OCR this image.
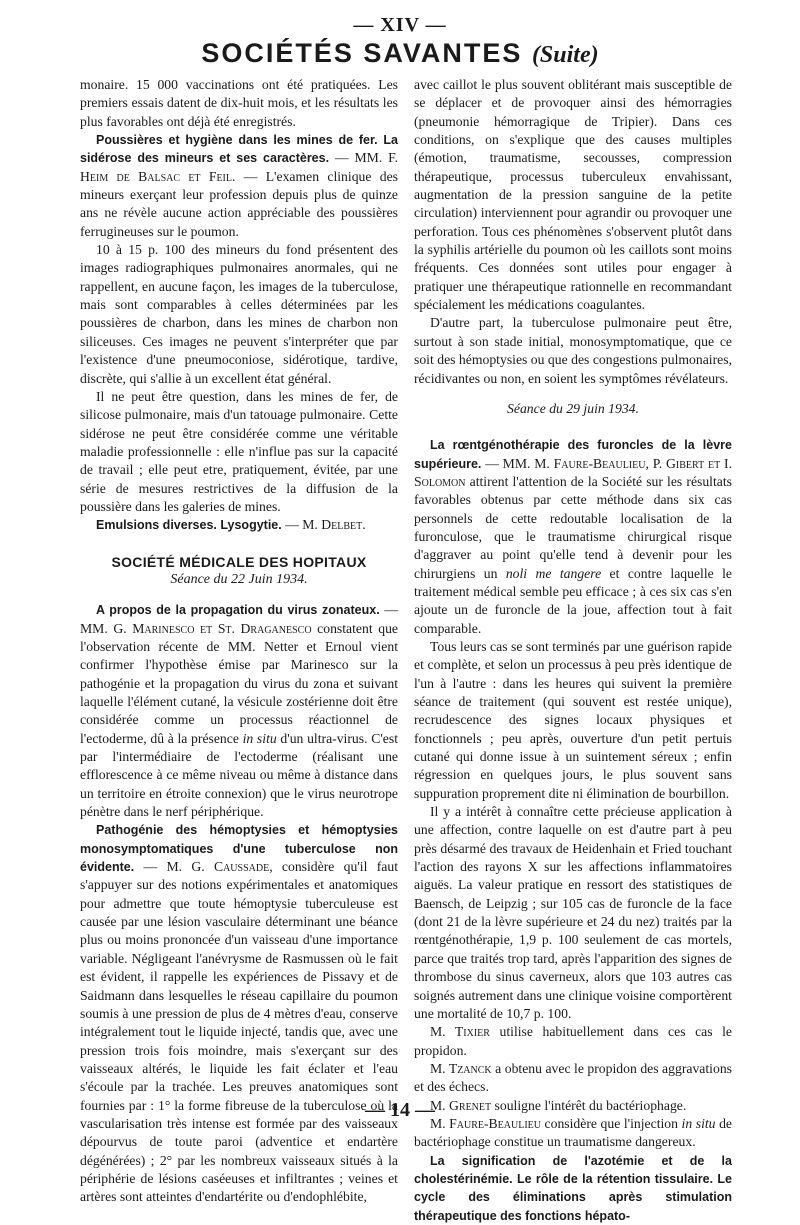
— XIV —
SOCIÉTÉS SAVANTES (Suite)

monaire. 15 000 vaccinations ont été pratiquées. Les premiers essais datent de dix-huit mois, et les résultats les plus favorables ont déjà été enregistrés.

Poussières et hygiène dans les mines de fer. La sidérose des mineurs et ses caractères. — MM. F. Heim de Balsac et Feil. — L'examen clinique des mineurs exerçant leur profession depuis plus de quinze ans ne révèle aucune action appréciable des poussières ferrugineuses sur le poumon.

10 à 15 p. 100 des mineurs du fond présentent des images radiographiques pulmonaires anormales, qui ne rappellent, en aucune façon, les images de la tuberculose, mais sont comparables à celles déterminées par les poussières de charbon, dans les mines de charbon non siliceuses. Ces images ne peuvent s'interpréter que par l'existence d'une pneumoconiose, sidérotique, tardive, discrète, qui s'allie à un excellent état général.

Il ne peut être question, dans les mines de fer, de silicose pulmonaire, mais d'un tatouage pulmonaire. Cette sidérose ne peut être considérée comme une véritable maladie professionnelle : elle n'influe pas sur la capacité de travail ; elle peut etre, pratiquement, évitée, par une série de mesures restrictives de la diffusion de la poussière dans les galeries de mines.

Emulsions diverses. Lysogytie. — M. Delbet.

SOCIÉTÉ MÉDICALE DES HOPITAUX
Séance du 22 Juin 1934.

A propos de la propagation du virus zonateux. — MM. G. Marinesco et St. Draganesco constatent que l'observation récente de MM. Netter et Ernoul vient confirmer l'hypothèse émise par Marinesco sur la pathogénie et la propagation du virus du zona et suivant laquelle l'élément cutané, la vésicule zostérienne doit être considérée comme un processus réactionnel de l'ectoderme, dû à la présence in situ d'un ultra-virus. C'est par l'intermédiaire de l'ectoderme (réalisant une efflorescence à ce même niveau ou même à distance dans un territoire en étroite connexion) que le virus neurotrope pénètre dans le nerf périphérique.

Pathogénie des hémoptysies et hémoptysies monosymptomatiques d'une tuberculose non évidente. — M. G. Caussade, considère qu'il faut s'appuyer sur des notions expérimentales et anatomiques pour admettre que toute hémoptysie tuberculeuse est causée par une lésion vasculaire déterminant une béance plus ou moins prononcée d'un vaisseau d'une importance variable. Négligeant l'anévrysme de Rasmussen où le fait est évident, il rappelle les expériences de Pissavy et de Saidmann dans lesquelles le réseau capillaire du poumon soumis à une pression de plus de 4 mètres d'eau, conserve intégralement tout le liquide injecté, tandis que, avec une pression trois fois moindre, mais s'exerçant sur des vaisseaux altérés, le liquide les fait éclater et l'eau s'écoule par la trachée. Les preuves anatomiques sont fournies par : 1° la forme fibreuse de la tuberculose où la vascularisation très intense est formée par des vaisseaux dépourvus de toute paroi (adventice et endartère dégénérées) ; 2° par les nombreux vaisseaux situés à la périphérie de lésions caséeuses et infiltrantes ; veines et artères sont atteintes d'endartérite ou d'endophlébite,

avec caillot le plus souvent oblitérant mais susceptible de se déplacer et de provoquer ainsi des hémorragies (pneumonie hémorragique de Tripier). Dans ces conditions, on s'explique que des causes multiples (émotion, traumatisme, secousses, compression thérapeutique, processus tuberculeux envahissant, augmentation de la pression sanguine de la petite circulation) interviennent pour agrandir ou provoquer une perforation. Tous ces phénomènes s'observent plutôt dans la syphilis artérielle du poumon où les caillots sont moins fréquents. Ces données sont utiles pour engager à pratiquer une thérapeutique rationnelle en recommandant spécialement les médications coagulantes.

D'autre part, la tuberculose pulmonaire peut être, surtout à son stade initial, monosymptomatique, que ce soit des hémoptysies ou que des congestions pulmonaires, récidivantes ou non, en soient les symptômes révélateurs.

Séance du 29 juin 1934.

La rœntgénothérapie des furoncles de la lèvre supérieure. — MM. M. Faure-Beaulieu, P. Gibert et I. Solomon attirent l'attention de la Société sur les résultats favorables obtenus par cette méthode dans six cas personnels de cette redoutable localisation de la furonculose, que le traumatisme chirurgical risque d'aggraver au point qu'elle tend à devenir pour les chirurgiens un noli me tangere et contre laquelle le traitement médical semble peu efficace ; à ces six cas s'en ajoute un de furoncle de la joue, affection tout à fait comparable.

Tous leurs cas se sont terminés par une guérison rapide et complète, et selon un processus à peu près identique de l'un à l'autre : dans les heures qui suivent la première séance de traitement (qui souvent est restée unique), recrudescence des signes locaux physiques et fonctionnels ; peu après, ouverture d'un petit pertuis cutané qui donne issue à un suintement séreux ; enfin régression en quelques jours, le plus souvent sans suppuration proprement dite ni élimination de bourbillon.

Il y a intérêt à connaître cette précieuse application à une affection, contre laquelle on est d'autre part à peu près désarmé des travaux de Heidenhain et Fried touchant l'action des rayons X sur les affections inflammatoires aiguës. La valeur pratique en ressort des statistiques de Baensch, de Leipzig ; sur 105 cas de furoncle de la face (dont 21 de la lèvre supérieure et 24 du nez) traités par la rœntgénothérapie, 1,9 p. 100 seulement de cas mortels, parce que traités trop tard, après l'apparition des signes de thrombose du sinus caverneux, alors que 103 autres cas soignés autrement dans une clinique voisine comportèrent une mortalité de 10,7 p. 100.

M. Tixier utilise habituellement dans ces cas le propidon.

M. Tzanck a obtenu avec le propidon des aggravations et des échecs.

M. Grenet souligne l'intérêt du bactériophage.

M. Faure-Beaulieu considère que l'injection in situ de bactériophage constitue un traumatisme dangereux.

La signification de l'azotémie et de la cholestérinémie. Le rôle de la rétention tissulaire. Le cycle des éliminations après stimulation thérapeutique des fonctions hépato-

— 14 —
